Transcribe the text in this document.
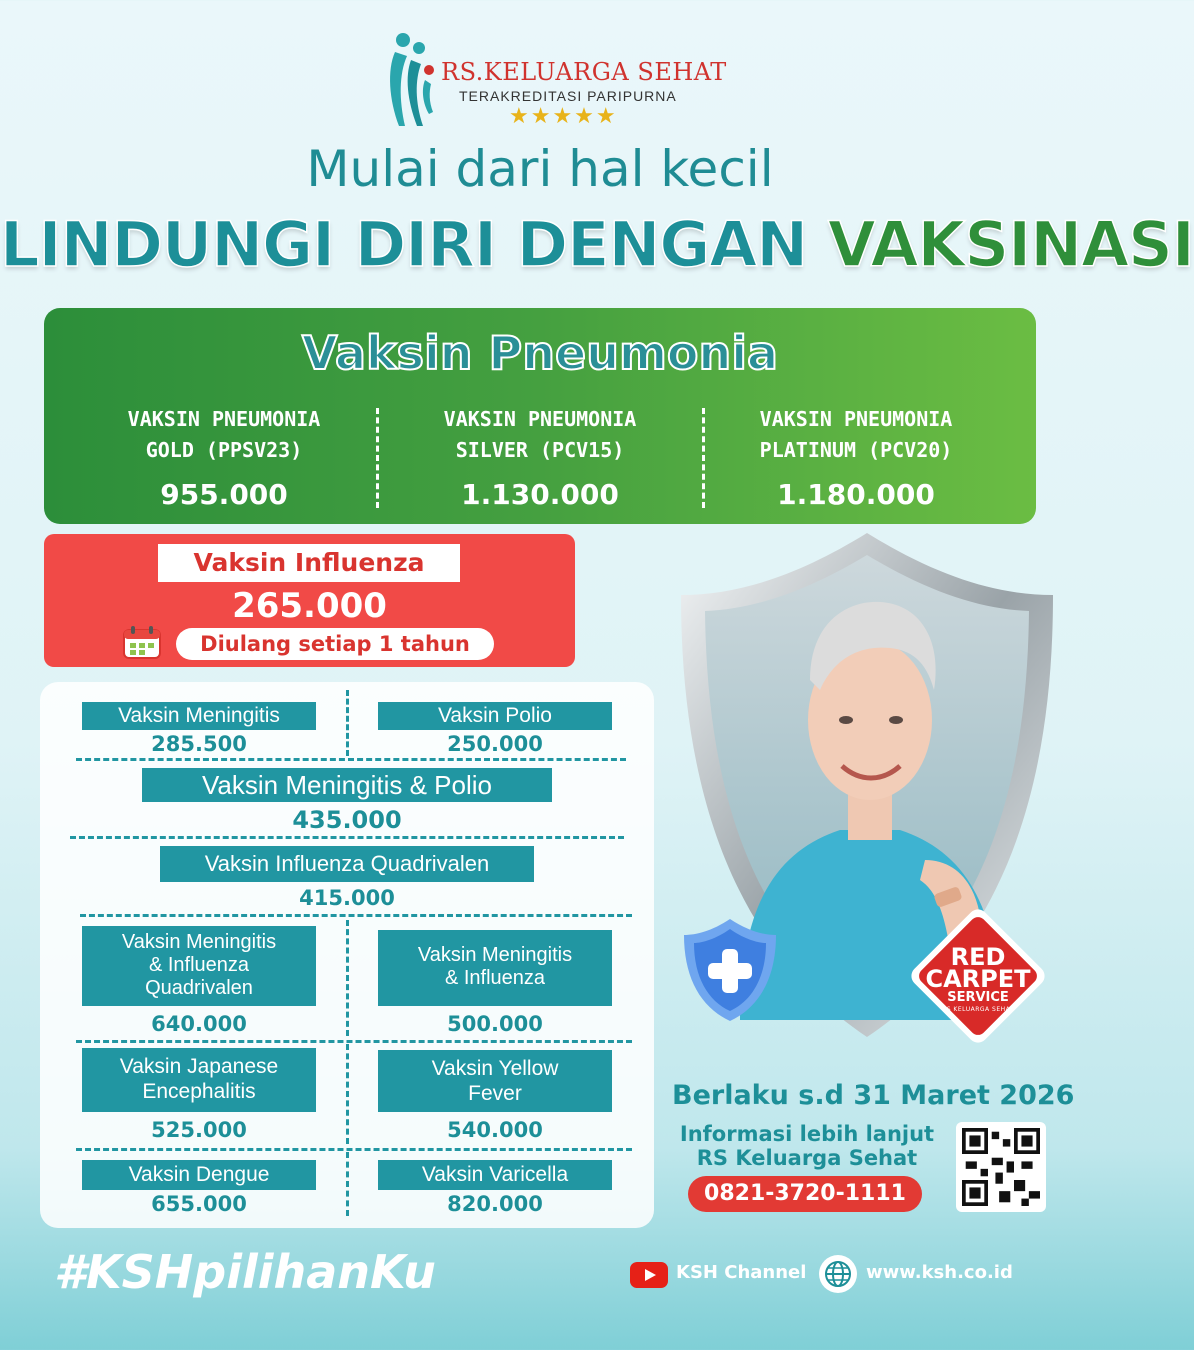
RS.KELUARGA SEHAT
TERAKREDITASI PARIPURNA
★★★★★
Mulai dari hal kecil
LINDUNGI DIRI DENGAN VAKSINASI
Vaksin Pneumonia
VAKSIN PNEUMONIA
GOLD (PPSV23)
955.000
VAKSIN PNEUMONIA
SILVER (PCV15)
1.130.000
VAKSIN PNEUMONIA
PLATINUM (PCV20)
1.180.000
Vaksin Influenza
265.000
Diulang setiap 1 tahun
Vaksin Meningitis
285.500
Vaksin Polio
250.000
Vaksin Meningitis & Polio
435.000
Vaksin Influenza Quadrivalen
415.000
Vaksin Meningitis
& Influenza
Quadrivalen
640.000
Vaksin Meningitis
& Influenza
500.000
Vaksin Japanese
Encephalitis
525.000
Vaksin Yellow
Fever
540.000
Vaksin Dengue
655.000
Vaksin Varicella
820.000
RED
CARPET
SERVICE
RS KELUARGA SEHAT
Berlaku s.d 31 Maret 2026
Informasi lebih lanjut
RS Keluarga Sehat
0821-3720-1111
#KSHpilihanKu	KSH Channel	www.ksh.co.id
